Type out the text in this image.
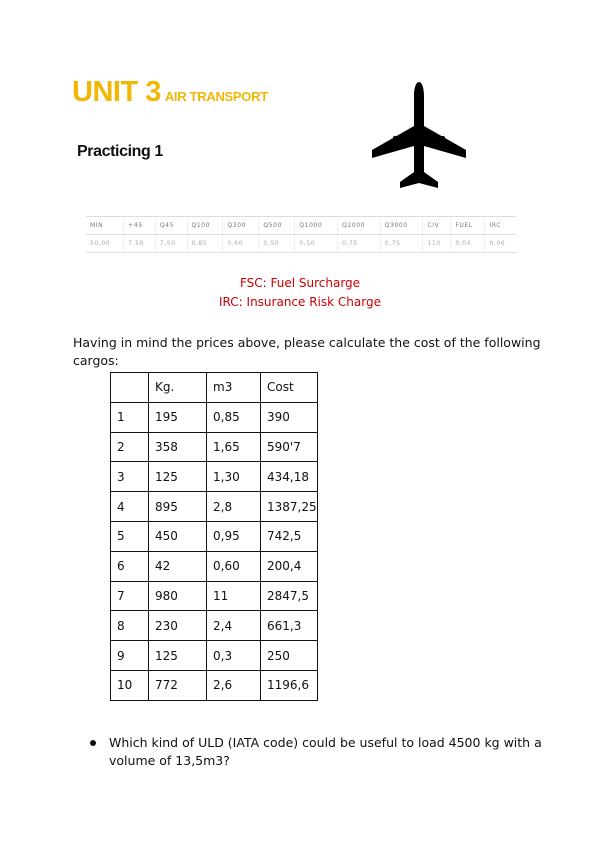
UNIT 3 AIR TRANSPORT
Practicing 1
MIN	+45	Q45	Q100	Q300	Q500	Q1000	Q2000	Q3000	CIV	FUEL	IRC
50,00	7,50	7,50	0,85	0,60	0,50	0,50	0,75	0,75	110	0,04	0,06
FSC: Fuel Surcharge
IRC: Insurance Risk Charge
Having in mind the prices above, please calculate the cost of the following cargos:
	Kg.	m3	Cost
1	195	0,85	390
2	358	1,65	590'7
3	125	1,30	434,18
4	895	2,8	1387,25
5	450	0,95	742,5
6	42	0,60	200,4
7	980	11	2847,5
8	230	2,4	661,3
9	125	0,3	250
10	772	2,6	1196,6
Which kind of ULD (IATA code) could be useful to load 4500 kg with a volume of 13,5m3?
